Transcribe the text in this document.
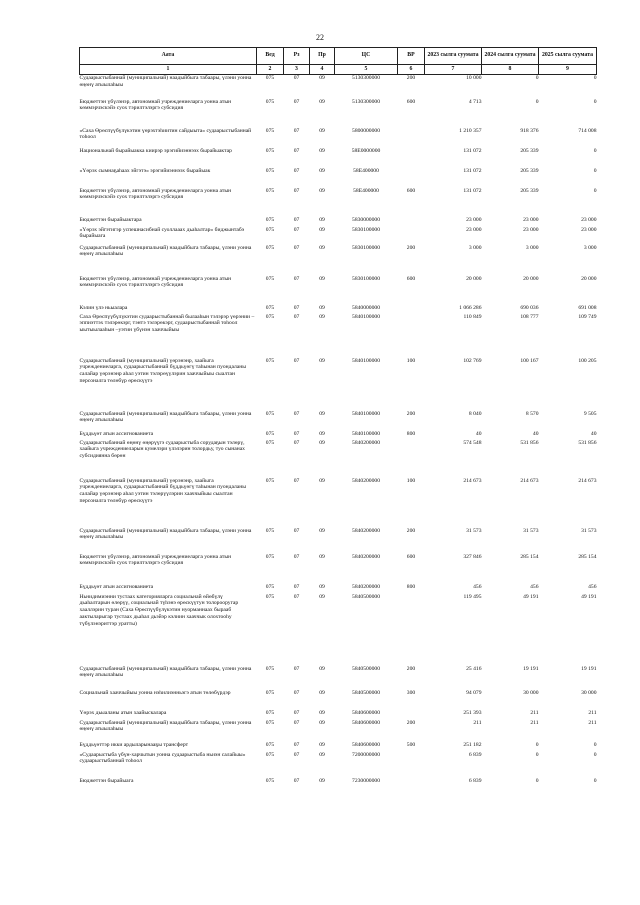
22
Аата	Вед	Рз	Пр	ЦС	ВР	2023 сылга суумата	2024 сылга суумата	2025 сылга суумата
1	2	3	4	5	6	7	8	9
Судаарыстыбаннай (муниципальнай) наадыйбыгa табаары, үлэни уонна өңөнү атыылаhыы	075	07	09	5130300000	200	10 000	0	0
Бюджеттэн үбүлэнэр, автономнай учреждениеларга уонна атын көммэрчэскэйэ суох тэрилтэлэргэ субсидия	075	07	09	5130300000	600	4 713	0	0
«Саха Өрөспүүбүлүкэтин үөрэхтэhиитин сайдыыта» судаарыстыбаннай тоhоол	075	07	09	5800000000		1 210 357	918 376	714 008
Национальнай бырайыакка киирэр эрэгийиэннээх бырайыактар	075	07	09	58Е0000000		131 072	205 339	0
«Үөрэх сымнаҕаhаах эйгэтэ» эрэгийиэннээх бырайыак	075	07	09	58Е400000		131 072	205 339	0
Бюджеттэн үбүлэнэр, автономнай учреждениеларга уонна атын көммэрчэскэйэ суох тэрилтэлэргэ субсидия	075	07	09	58Е400000	600	131 072	205 339	0
Бюджеттэн бырайыактара	075	07	09	5830000000		23 000	23 000	23 000
«Үөрэх эйгэтигэр успешнасибнай суоллааах дьаhалтар» биджынтабэ бырайыага	075	07	09	5830100000		23 000	23 000	23 000
Судаарыстыбаннай (муниципальнай) наадыйбыгa табаары, үлэни уонна өңөнү атыылаhыы	075	07	09	5830100000	200	3 000	3 000	3 000
Бюджеттэн үбүлэнэр, автономнай учреждениеларга уонна атын көммэрчэскэйэ суох тэрилтэлэргэ субсидия	075	07	09	5830100000	600	20 000	20 000	20 000
Кэлин үлэ ньыалара	075	07	09	5840000000		1 066 286	690 036	691 008
Саха Өрөспүүбүлүкэтин судаарыстыбаннай былааhын тэлэрэр үөрэнии – эппиэттэх тэлэрөкэрг, тэнтэ тэлэрөкэрг, судаарыстыбаннай тоhоол ыытыылааhын –уэтин үбүнэн хааччыйыы	075	07	09	5840100000		110 849	108 777	109 749
Судаарыстыбаннай (муниципальнай) үөрэнэнр, хаайыга учреждениеларга, судаарыстыбаннай бүддьүөгү таhынан пуондаланы салайар үөрэнэнр аhал уэтин тэлэрөүүлэрин хааччыйыы сыалтан персоналга төлөбүр өрөскүүтэ	075	07	09	5840100000	100	102 769	100 167	100 205
Судаарыстыбаннай (муниципальнай) наадыйбыгa табаары, үлэни уонна өңөнү атыылаhыы	075	07	09	5840100000	200	8 040	8 570	9 505
Бүддьүөт атын ассигнованиета	075	07	09	5840100000	800	40	40	40
Судаарыстыбаннай өңөнү өңөрүүгэ судаарыстыба сорудаҕын тэлөрү, хаайыга учреждениеларын кумелэри үлэлэрин толордьу, туо сынанах субсидиянна бөрөн	075	07	09	5840200000		574 548	531 856	531 856
Судаарыстыбаннай (муниципальнай) үөрэнэнр, хаайыга учреждениеларга, судаарыстыбаннай бүддьүөгү таhынан пуондаланы салайар үөрэнэнр аhал уэтин тэлөрүүлэрин хааччыйыы сыалтан персоналга төлөбүр өрөскүүтэ	075	07	09	5840200000	100	214 673	214 673	214 673
Судаарыстыбаннай (муниципальнай) наадыйбыгa табаары, үлэни уонна өңөнү атыылаhыы	075	07	09	5840200000	200	31 573	31 573	31 573
Бюджеттэн үбүлэнэр, автономнай учреждениеларга уонна атын көммэрчэскэйэ суох тэрилтэлэргэ субсидия	075	07	09	5840200000	600	327 846	285 154	285 154
Бүддьүөт атын ассигнованиета	075	07	09	5840200000	800	456	456	456
Ньнидимиэнни тустаах категорияларга социальнай өйөбүлү дьаhалтарын өлөрүү, социальнай түhэнэ өрөскүүтун толорооругар хааллэрин туран (Саха Өрөспүүбүлүкэтин нуорманнаах бырааб аактыларыгар тустаах дьаhал дьэйэр кэлиин хааччык олохтооhу түбүлэнэриттэр уратты)	075	07	09	5840500000		119 495	49 191	49 191
Судаарыстыбаннай (муниципальнай) наадыйбыгa табаары, үлэни уонна өңөнү атыылаhыы	075	07	09	5840500000	200	25 416	19 191	19 191
Социальнай хааччыйыы уонна нэhилиэнньэгэ атын төлөбүрдэр	075	07	09	5840500000	300	94 079	30 000	30 000
Үөрэх дьыаланы атын хаайыскалара	075	07	09	5840600000		251 393	211	211
Судаарыстыбаннай (муниципальнай) наадыйбыгa табаары, үлэни уонна өңөнү атыылаhыы	075	07	09	5840600000	200	211	211	211
Бүддьүөттэр икки ардыларынааҕы трансферт	075	07	09	5840600000	500	251 182	0	0
«Судаарыстыба үбүн-харчытын уонна судаарыстыба ньиэн салайыы» судаарыстыбаннай тоhоол	075	07	09	7200000000		6 839	0	0
Бюджеттэн бырайыага	075	07	09	7230000000		6 839	0	0
